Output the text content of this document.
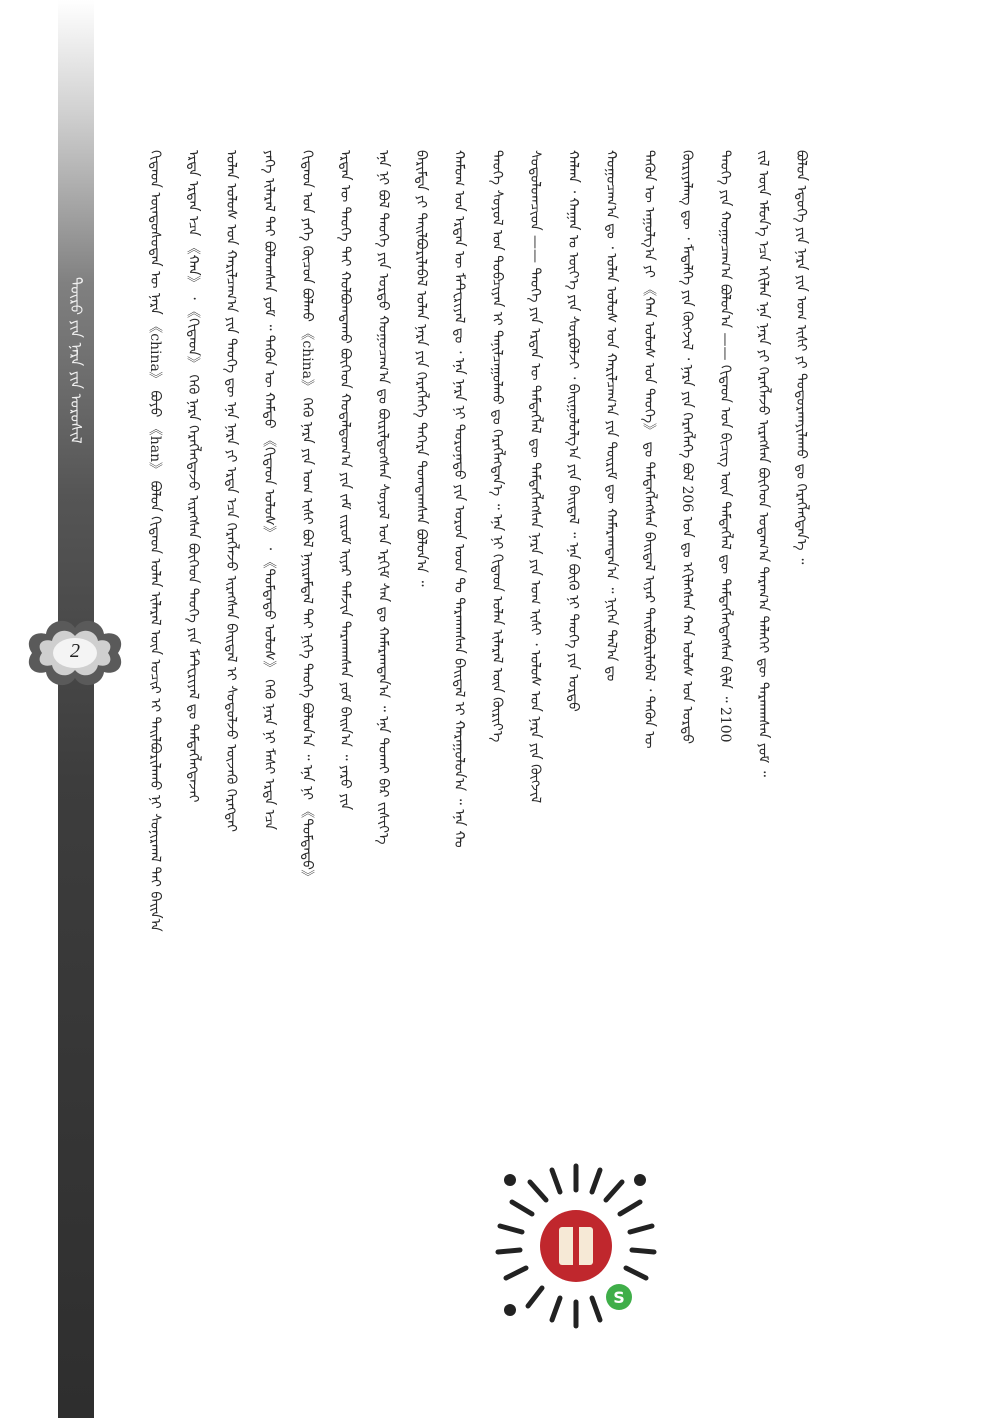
ᠲᠦᠷᠦ ᠶᠢᠨ ᠨᠡᠷᠡ ᠶᠢᠨ ᠣᠷᠣᠰᠢᠯ
2	ᠬᠢᠲᠠᠳ ᠦᠨᠳᠦᠰᠦᠲᠡᠨ ᠦ ᠨᠡᠷᠡ 《china》 ᠪᠤᠶᠤ 《han》 ᠪᠣᠯᠣᠨ ᠬᠢᠲᠠᠳ ᠣᠯᠠᠨ ᠢᠯᠡᠷᠡᠯ ᠦᠨ ᠤᠴᠢᠷ ᠢ ᠲᠠᠢᠯᠪᠤᠷᠢᠯᠠᠬᠤ ᠨᠢ ᠰᠣᠨᠢᠷᠬᠠᠯ ᠲᠠᠢ ᠪᠠᠢᠨ᠎ᠠ	ᠡᠷᠲᠡ ᠡᠷᠲᠡᠨ ᠡᠴᠡ 《ᠬᠠᠨ》 ᠂ 《ᠬᠢᠲᠠᠳ》 ᠭᠡᠬᠦ ᠨᠡᠷᠡ ᠬᠡᠷᠡᠭᠯᠡᠭᠳᠡᠵᠦ ᠢᠷᠡᠭᠰᠡᠨ ᠪᠥᠭᠡᠳ ᠲᠡᠦᠬᠡ ᠶᠢᠨ ᠮᠠᠲᠧᠷᠢᠶᠠᠯ ᠳᠤ ᠲᠡᠮᠳᠡᠭᠯᠡᠭᠳᠡᠵᠡᠢ	ᠣᠯᠠᠨ ᠤᠯᠤᠰ ᠤᠨ ᠬᠠᠷᠢᠯᠴᠠᠭ᠎ᠠ ᠶᠢᠨ ᠲᠡᠦᠬᠡ ᠳᠦ ᠡᠨᠡ ᠨᠡᠷᠡ ᠶᠢ ᠡᠷᠲᠡ ᠡᠴᠡ ᠬᠡᠷᠡᠭᠯᠡᠵᠦ ᠢᠷᠡᠭᠰᠡᠨ ᠪᠠᠢᠳᠠᠯ ᠢ ᠰᠤᠳᠤᠯᠵᠤ ᠦᠵᠡᠬᠦ ᠬᠡᠷᠡᠭᠲᠡᠢ	ᠶᠡᠬᠡ ᠢᠯᠡᠷᠡᠯ ᠲᠡᠢ ᠪᠣᠯᠤᠭᠰᠠᠨ ᠶᠤᠮ ᠃ ᠲᠡᠭᠦᠨ ᠦ ᠬᠠᠮᠲᠤ 《ᠬᠢᠲᠠᠳ ᠤᠯᠤᠰ》 ᠂ 《ᠳᠤᠮᠳᠠᠳᠤ ᠤᠯᠤᠰ》 ᠭᠡᠬᠦ ᠨᠡᠷᠡ ᠨᠢ ᠮᠠᠰᠢ ᠡᠷᠲᠡ ᠡᠴᠡ	ᠬᠢᠲᠠᠳ ᠤᠨ ᠶᠡᠬᠡ ᠬᠦᠴᠦᠨ ᠪᠣᠯᠬᠤ 《china》 ᠭᠡᠬᠦ ᠨᠡᠷᠡ ᠶᠢᠨ ᠤᠭ ᠢᠰᠢ ᠪᠣᠯ ᠨᠠᠶᠢᠷᠠᠮᠳᠠᠯ ᠲᠠᠢ ᠨᠢᠭᠡ ᠲᠡᠦᠬᠡ ᠪᠣᠯᠤᠨ᠎ᠠ ᠃ ᠡᠨᠡ ᠨᠢ 《ᠳᠤᠮᠳᠠᠳᠤ》	ᠡᠷᠲᠡᠨ ᠦ ᠲᠡᠦᠬᠡ ᠲᠡᠢ ᠬᠣᠯᠪᠣᠭᠳᠠᠬᠤ ᠪᠥᠭᠡᠳ ᠬᠤᠳᠠᠯᠳᠤᠭ᠎ᠠ ᠶᠢᠨ ᠵᠠᠮ ᠵᠢᠷᠤᠮ ᠢᠶᠠᠷ ᠳᠠᠮᠵᠢᠨ ᠲᠠᠷᠬᠠᠭᠰᠠᠨ ᠶᠤᠮ ᠪᠠᠢᠨ᠎ᠠ ᠃ ᠶᠡᠷᠦ ᠶᠢᠨ	ᠡᠨᠡ ᠨᠢ ᠪᠣᠯ ᠲᠡᠦᠬᠡ ᠶᠢᠨ ᠤᠷᠲᠤ ᠬᠤᠭᠤᠴᠠᠭ᠎ᠠ ᠳᠤ ᠪᠦᠷᠢᠯᠳᠦᠭᠰᠡᠨ ᠰᠣᠶᠣᠯ ᠤᠨ ᠡᠷᠬᠢᠮ ᠰᠠᠨ ᠳᠤ ᠬᠠᠮᠠᠷᠠᠭᠳᠠᠨ᠎ᠠ ᠃ ᠡᠨᠡ ᠲᠤᠬᠠᠢ ᠪᠠᠷ ᠵᠢᠱᠢᠶ᠎ᠡ	ᠪᠠᠷᠢᠮᠲᠠ ᠶᠢ ᠲᠠᠢᠯᠪᠤᠷᠢᠯᠠᠪᠠᠯ ᠣᠯᠠᠨ ᠨᠡᠷᠡ ᠶᠢᠨ ᠬᠡᠷᠡᠭᠯᠡᠭᠡ ᠳᠡᠭᠡᠷᠡ ᠲᠣᠭᠲᠠᠭᠰᠠᠨ ᠪᠣᠯᠤᠨ᠎ᠠ ᠃	ᠬᠠᠮᠤᠭ ᠤᠨ ᠡᠷᠲᠡᠨ ᠦ ᠮᠠᠲᠧᠷᠢᠶᠠᠯ ᠳᠤ ᠂ ᠡᠨᠡ ᠨᠡᠷᠡ ᠨᠢ ᠳᠣᠷᠤᠨᠠᠳᠤ ᠶᠢᠨ ᠣᠷᠣᠨ ᠤᠳ ᠲᠤ ᠲᠠᠷᠬᠠᠭᠰᠠᠨ ᠪᠠᠢᠳᠠᠯ ᠢ ᠬᠠᠷᠠᠭᠤᠯᠤᠨ᠎ᠠ ᠃ ᠡᠨᠡ ᠬᠤ	ᠲᠡᠦᠬᠡ ᠰᠣᠶᠣᠯ ᠤᠨ ᠲᠣᠪᠴᠢᠶᠠᠨ ᠢ ᠲᠠᠨᠢᠯᠴᠠᠭᠤᠯᠬᠤ ᠳᠤ ᠬᠡᠷᠡᠭᠯᠡᠭᠳᠡᠨ᠎ᠡ ᠃ ᠡᠨᠡ ᠨᠢ ᠬᠢᠲᠠᠳ ᠣᠯᠠᠨ ᠢᠯᠡᠷᠡᠯ ᠦᠨ ᠬᠦᠷᠢᠶ᠎ᠡ	ᠰᠤᠳᠤᠯᠤᠭᠴᠢᠳ —— ᠲᠡᠦᠬᠡ ᠶᠢᠨ ᠡᠷᠲᠡᠨ ᠦ ᠲᠡᠮᠳᠡᠭᠯᠡᠯ ᠳᠦ ᠲᠡᠮᠳᠡᠭᠯᠡᠭᠰᠡᠨ ᠨᠡᠷᠡ ᠶᠢᠨ ᠤᠭ ᠢᠰᠢ ᠂ ᠤᠯᠤᠰ ᠤᠨ ᠨᠡᠷᠡ ᠶᠢᠨ ᠬᠥᠭᠵᠢᠯ	ᠬᠠᠯᠬᠠ ᠂ ᠬᠠᠭᠠᠨ ᠤ ᠦᠶ᠎ᠡ ᠶᠢᠨ ᠰᠤᠷᠪᠤᠯᠵᠢ ᠂ ᠪᠠᠢᠭᠤᠯᠤᠯᠭ᠎ᠠ ᠶᠢᠨ ᠪᠠᠢᠳᠠᠯ ᠃ ᠡᠨᠡ ᠪᠦᠬᠦ ᠨᠢ ᠲᠡᠦᠬᠡ ᠶᠢᠨ ᠤᠷᠲᠤ	ᠬᠤᠭᠤᠴᠠᠭ᠎ᠠ ᠳᠤ ᠂ ᠣᠯᠠᠨ ᠤᠯᠤᠰ ᠤᠨ ᠬᠠᠷᠢᠯᠴᠠᠭ᠎ᠠ ᠶᠢᠨ ᠳᠦᠷᠢᠮ ᠳᠦ ᠬᠠᠮᠠᠷᠠᠭᠳᠠᠨ᠎ᠠ ᠃ ᠨᠢᠭᠡᠨ ᠲᠠᠯ᠎ᠠ ᠳᠤ	ᠲᠡᠭᠦᠨ ᠦ ᠠᠭᠤᠯᠭ᠎ᠠ ᠶᠢ 《ᠬᠠᠨ ᠤᠯᠤᠰ ᠤᠨ ᠲᠡᠦᠬᠡ》 ᠳᠤ ᠲᠡᠮᠳᠡᠭᠯᠡᠭᠰᠡᠨ ᠪᠠᠢᠳᠠᠯ ᠢᠶᠠᠷ ᠲᠠᠢᠯᠪᠤᠷᠢᠯᠠᠪᠠᠯ ᠂ ᠲᠡᠭᠦᠨ ᠦ	ᠬᠦᠷᠢᠶᠡᠯᠡᠩ ᠳᠦ ᠂ ᠮᠡᠳᠡᠯᠭᠡ ᠶᠢᠨ ᠬᠥᠭᠵᠢᠯ ᠂ ᠨᠡᠷᠡ ᠶᠢᠨ ᠬᠡᠷᠡᠭᠯᠡᠭᠡ ᠪᠣᠯ 206 ᠣᠨ ᠳᠤ ᠡᠬᠢᠯᠡᠭᠰᠡᠨ ᠬᠠᠨ ᠤᠯᠤᠰ ᠤᠨ ᠤᠷᠲᠤ	ᠲᠡᠦᠬᠡ ᠶᠢᠨ ᠬᠤᠭᠤᠴᠠᠭ᠎ᠠ ᠪᠣᠯᠤᠨ᠎ᠠ —— ᠬᠢᠲᠠᠳ ᠤᠨ ᠪᠢᠴᠢᠭ᠌ ᠦᠨ ᠲᠡᠮᠳᠡᠭᠯᠡᠯ ᠳᠦ ᠲᠡᠮᠳᠡᠭᠯᠡᠭᠳᠡᠭᠰᠡᠨ ᠪᠢᠯᠡ ᠃ 2100	ᠵᠢᠯ ᠦᠨ ᠡᠮᠦᠨ᠎ᠡ ᠡᠴᠡ ᠡᠬᠢᠯᠡᠨ ᠡᠨᠡ ᠨᠡᠷᠡ ᠶᠢ ᠬᠡᠷᠡᠭᠯᠡᠵᠦ ᠢᠷᠡᠭᠰᠡᠨ ᠪᠥᠭᠡᠳ ᠤᠳᠠᠭ᠎ᠠ ᠳᠠᠷᠠᠭ᠎ᠠ ᠳᠡᠯᠡᠭᠡᠢ ᠳᠦ ᠲᠠᠷᠬᠠᠭᠰᠠᠨ ᠶᠤᠮ ᠃	ᠪᠣᠯᠤᠨ ᠡᠳᠦᠭᠡ ᠶᠢᠨ ᠨᠡᠷᠡ ᠶᠢᠨ ᠤᠭ ᠢᠰᠢ ᠶᠢ ᠲᠣᠳᠣᠷᠬᠠᠶᠢᠯᠠᠬᠤ ᠳᠤ ᠬᠡᠷᠡᠭᠯᠡᠭᠳᠡᠨ᠎ᠡ ᠃
S
